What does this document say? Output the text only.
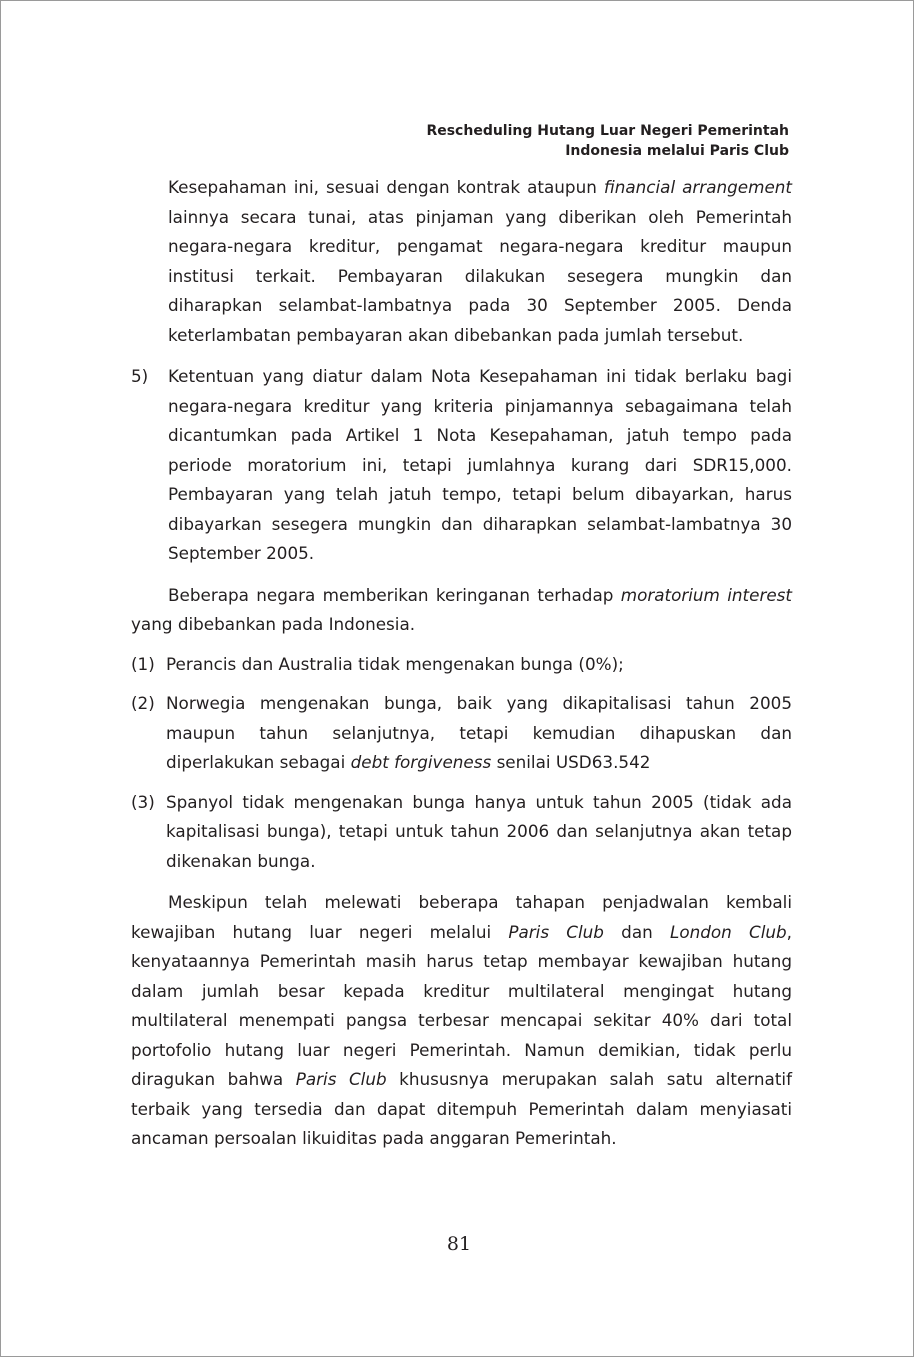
Rescheduling Hutang Luar Negeri Pemerintah
Indonesia melalui Paris Club

Kesepahaman ini, sesuai dengan kontrak ataupun financial arrangement lainnya secara tunai, atas pinjaman yang diberikan oleh Pemerintah negara-negara kreditur, pengamat negara-negara kreditur maupun institusi terkait. Pembayaran dilakukan sesegera mungkin dan diharapkan selambat-lambatnya pada 30 September 2005. Denda keterlambatan pembayaran akan dibebankan pada jumlah tersebut.

5)	Ketentuan yang diatur dalam Nota Kesepahaman ini tidak berlaku bagi negara-negara kreditur yang kriteria pinjamannya sebagaimana telah dicantumkan pada Artikel 1 Nota Kesepahaman, jatuh tempo pada periode moratorium ini, tetapi jumlahnya kurang dari SDR15,000. Pembayaran yang telah jatuh tempo, tetapi belum dibayarkan, harus dibayarkan sesegera mungkin dan diharapkan selambat-lambatnya 30 September 2005.

Beberapa negara memberikan keringanan terhadap moratorium interest yang dibebankan pada Indonesia.

(1) Perancis dan Australia tidak mengenakan bunga (0%);

(2) Norwegia mengenakan bunga, baik yang dikapitalisasi tahun 2005 maupun tahun selanjutnya, tetapi kemudian dihapuskan dan diperlakukan sebagai debt forgiveness senilai USD63.542

(3) Spanyol tidak mengenakan bunga hanya untuk tahun 2005 (tidak ada kapitalisasi bunga), tetapi untuk tahun 2006 dan selanjutnya akan tetap dikenakan bunga.

Meskipun telah melewati beberapa tahapan penjadwalan kembali kewajiban hutang luar negeri melalui Paris Club dan London Club, kenyataannya Pemerintah masih harus tetap membayar kewajiban hutang dalam jumlah besar kepada kreditur multilateral mengingat hutang multilateral menempati pangsa terbesar mencapai sekitar 40% dari total portofolio hutang luar negeri Pemerintah. Namun demikian, tidak perlu diragukan bahwa Paris Club khususnya merupakan salah satu alternatif terbaik yang tersedia dan dapat ditempuh Pemerintah dalam menyiasati ancaman persoalan likuiditas pada anggaran Pemerintah.

81
